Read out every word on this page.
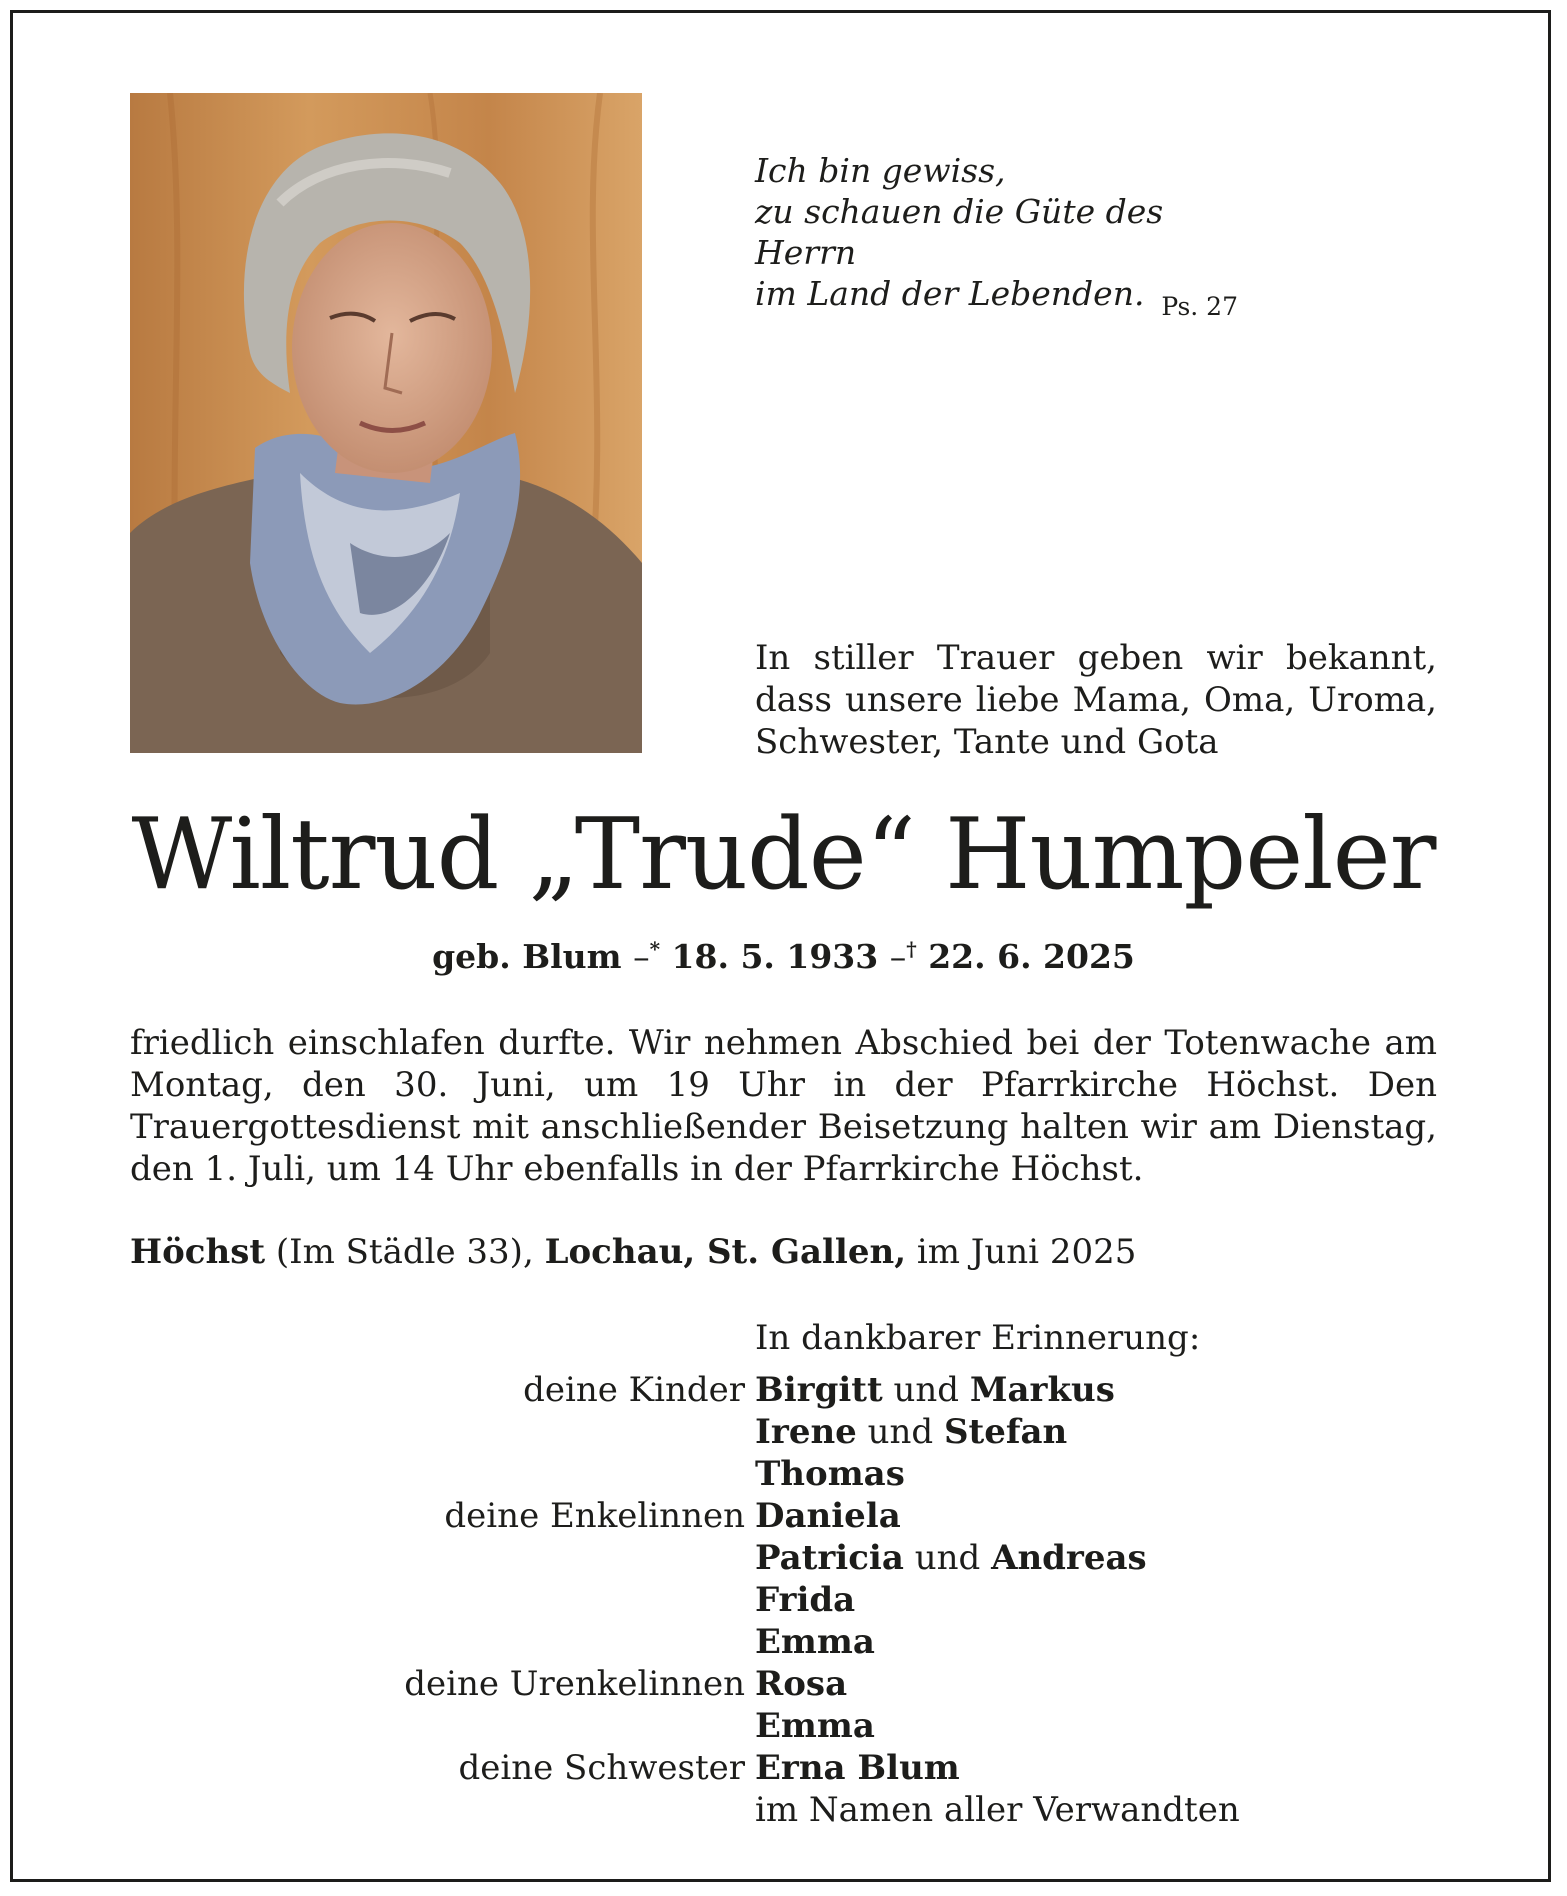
Ich bin gewiss,
zu schauen die Güte des Herrn
im Land der Lebenden. Ps. 27
In stiller Trauer geben wir bekannt, dass unsere liebe Mama, Oma, Uroma, Schwester, Tante und Gota
Wiltrud „Trude“ Humpeler
geb. Blum –* 18. 5. 1933 –† 22. 6. 2025
friedlich einschlafen durfte. Wir nehmen Abschied bei der Totenwache am Montag, den 30. Juni, um 19 Uhr in der Pfarrkirche Höchst. Den Trauergottesdienst mit anschließender Beisetzung halten wir am Dienstag, den 1. Juli, um 14 Uhr ebenfalls in der Pfarrkirche Höchst.
Höchst (Im Städle 33), Lochau, St. Gallen, im Juni 2025
In dankbarer Erinnerung:
deine Kinder Birgitt und Markus
Irene und Stefan
Thomas
deine Enkelinnen Daniela
Patricia und Andreas
Frida
Emma
deine Urenkelinnen Rosa
Emma
deine Schwester Erna Blum
im Namen aller Verwandten
